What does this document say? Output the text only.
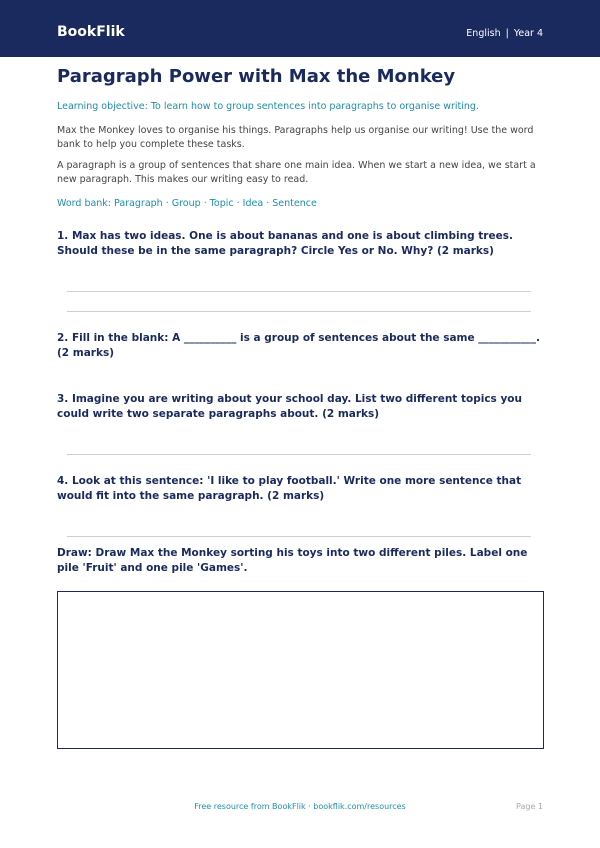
BookFlik	English | Year 4
Paragraph Power with Max the Monkey
Learning objective: To learn how to group sentences into paragraphs to organise writing.

Max the Monkey loves to organise his things. Paragraphs help us organise our writing! Use the word bank to help you complete these tasks.

A paragraph is a group of sentences that share one main idea. When we start a new idea, we start a new paragraph. This makes our writing easy to read.

Word bank: Paragraph · Group · Topic · Idea · Sentence

1. Max has two ideas. One is about bananas and one is about climbing trees. Should these be in the same paragraph? Circle Yes or No. Why? (2 marks)

2. Fill in the blank: A __________ is a group of sentences about the same ___________. (2 marks)

3. Imagine you are writing about your school day. List two different topics you could write two separate paragraphs about. (2 marks)

4. Look at this sentence: 'I like to play football.' Write one more sentence that would fit into the same paragraph. (2 marks)

Draw: Draw Max the Monkey sorting his toys into two different piles. Label one pile 'Fruit' and one pile 'Games'.

Free resource from BookFlik · bookflik.com/resources	Page 1
